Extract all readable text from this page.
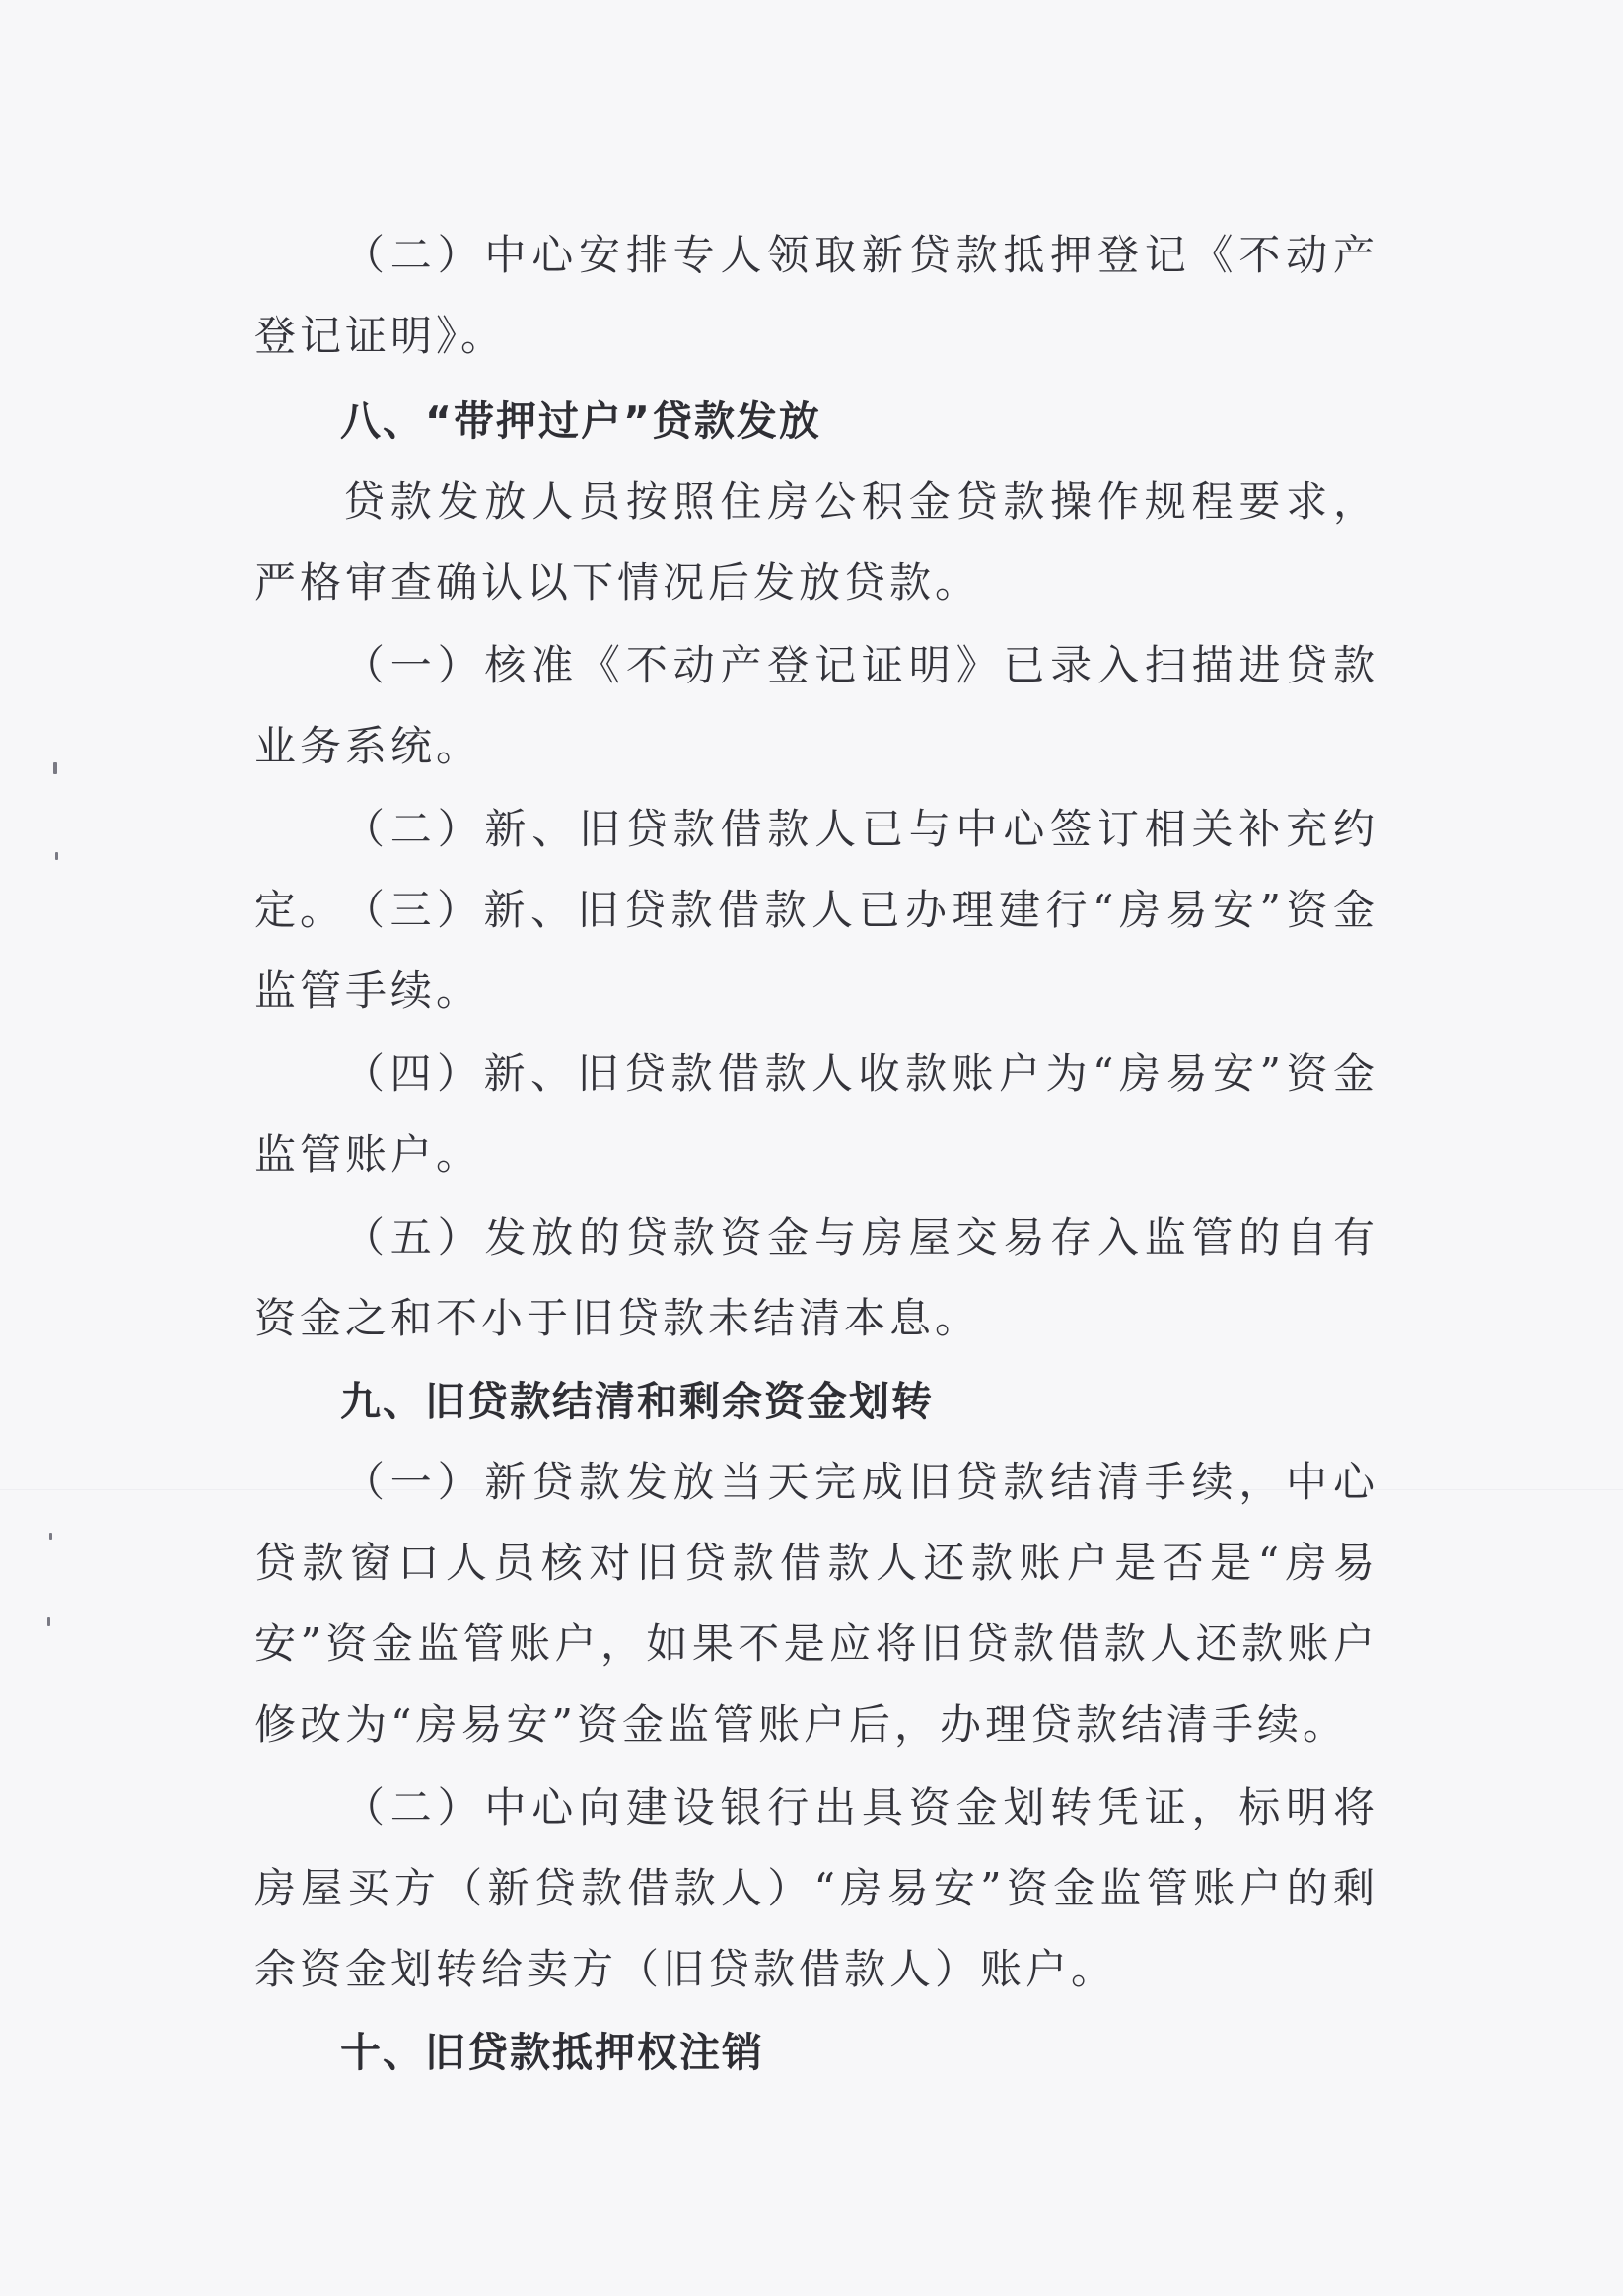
（二）中心安排专人领取新贷款抵押登记《不动产登记证明》。

八、“带押过户”贷款发放

贷款发放人员按照住房公积金贷款操作规程要求，严格审查确认以下情况后发放贷款。

（一）核准《不动产登记证明》已录入扫描进贷款业务系统。

（二）新、旧贷款借款人已与中心签订相关补充约定。

（三）新、旧贷款借款人已办理建行“房易安”资金监管手续。

（四）新、旧贷款借款人收款账户为“房易安”资金监管账户。

（五）发放的贷款资金与房屋交易存入监管的自有资金之和不小于旧贷款未结清本息。

九、旧贷款结清和剩余资金划转

（一）新贷款发放当天完成旧贷款结清手续，中心贷款窗口人员核对旧贷款借款人还款账户是否是“房易安”资金监管账户，如果不是应将旧贷款借款人还款账户修改为“房易安”资金监管账户后，办理贷款结清手续。

（二）中心向建设银行出具资金划转凭证，标明将房屋买方（新贷款借款人）“房易安”资金监管账户的剩余资金划转给卖方（旧贷款借款人）账户。

十、旧贷款抵押权注销
